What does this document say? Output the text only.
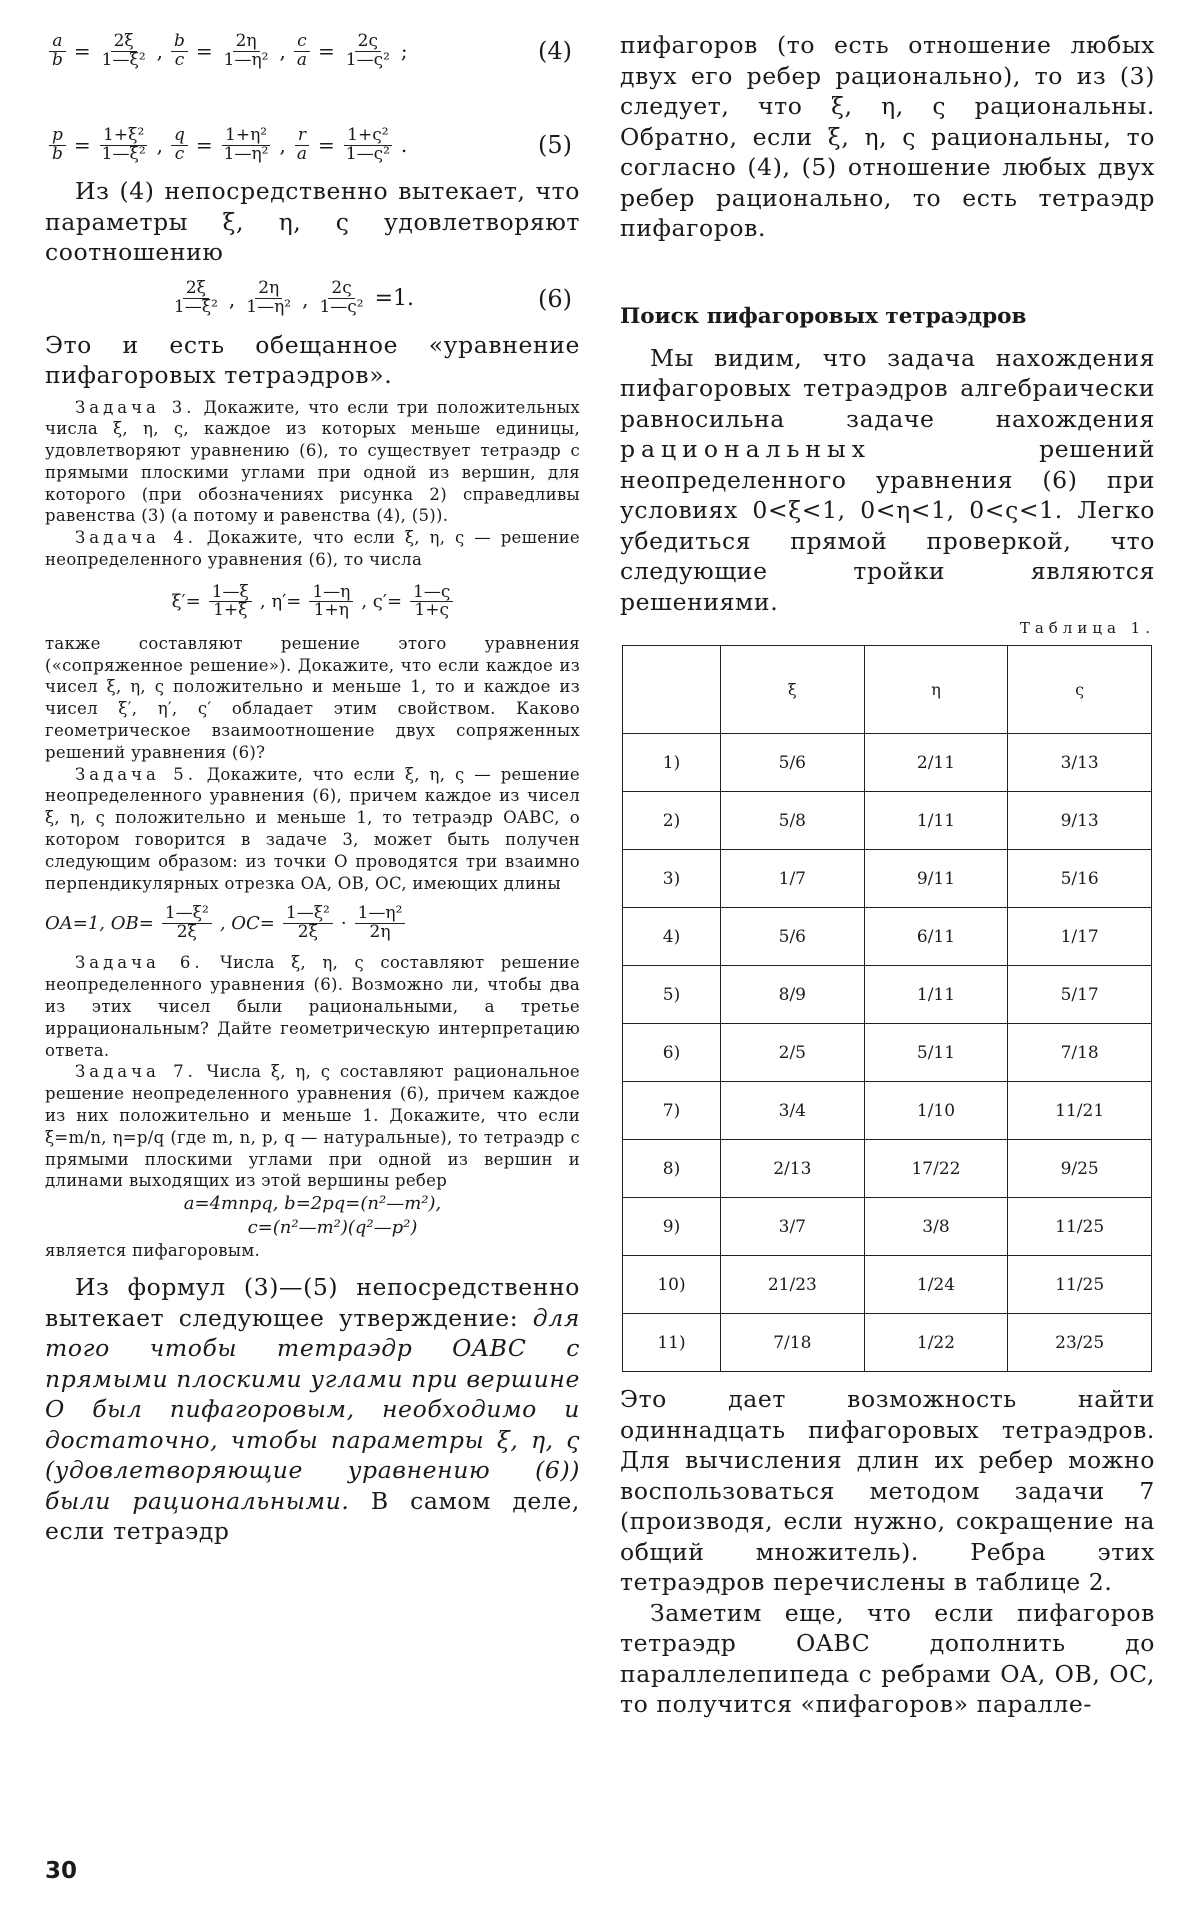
$\frac{a}{b} = \frac{2\xi}{\text{1—ξ²}}$ , $\frac{b}{c} = \frac{2\eta}{\text{1—η²}}$ , $\frac{c}{a} = \frac{2\varsigma}{\text{1—ς²}}$ ;	(4)
$\frac{p}{b} = \frac{\text{1+ξ²}}{\text{1—ξ²}}$ , $\frac{q}{c} = \frac{\text{1+η²}}{\text{1—η²}}$ , $\frac{r}{a} = \frac{\text{1+ς²}}{\text{1—ς²}}$ .	(5)

Из (4) непосредственно вытекает, что параметры ξ, η, ς удовлетворяют соотношению

$\frac{2\xi}{\text{1—ξ²}}$ , $\frac{2\eta}{\text{1—η²}}$ , $\frac{2\varsigma}{\text{1—ς²}} =1$.	(6)

Это и есть обещанное «уравнение пифагоровых тетраэдров».

Задача 3. Докажите, что если три положительных числа ξ, η, ς, каждое из которых меньше единицы, удовлетворяют уравнению (6), то существует тетраэдр с прямыми плоскими углами при одной из вершин, для которого (при обозначениях рисунка 2) справедливы равенства (3) (а потому и равенства (4), (5)).

Задача 4. Докажите, что если ξ, η, ς — решение неопределенного уравнения (6), то числа

$\xi'= \frac{1—\xi}{1+\xi}$ , $\eta'= \frac{1—\eta}{1+\eta}$ , $\varsigma'= \frac{1—\varsigma}{1+\varsigma}$

также составляют решение этого уравнения («сопряженное решение»). Докажите, что если каждое из чисел ξ, η, ς положительно и меньше 1, то и каждое из чисел ξ′, η′, ς′ обладает этим свойством. Каково геометрическое взаимоотношение двух сопряженных решений уравнения (6)?

Задача 5. Докажите, что если ξ, η, ς — решение неопределенного уравнения (6), причем каждое из чисел ξ, η, ς положительно и меньше 1, то тетраэдр OABC, о котором говорится в задаче 3, может быть получен следующим образом: из точки O проводятся три взаимно перпендикулярных отрезка OA, OB, OC, имеющих длины

OA=1, $OB= \frac{\text{1—ξ²}}{2\xi}$ , $OC= \frac{\text{1—ξ²}}{2\xi} \cdot \frac{\text{1—η²}}{2\eta}$

Задача 6. Числа ξ, η, ς составляют решение неопределенного уравнения (6). Возможно ли, чтобы два из этих чисел были рациональными, а третье иррациональным? Дайте геометрическую интерпретацию ответа.

Задача 7. Числа ξ, η, ς составляют рациональное решение неопределенного уравнения (6), причем каждое из них положительно и меньше 1. Докажите, что если ξ=m/n, η=p/q (где m, n, p, q — натуральные), то тетраэдр с прямыми плоскими углами при одной из вершин и длинами выходящих из этой вершины ребер

a=4mnpq, b=2pq=(n²—m²),
c=(n²—m²)(q²—p²)

является пифагоровым.

Из формул (3)—(5) непосредственно вытекает следующее утверждение: для того чтобы тетраэдр OABC с прямыми плоскими углами при вершине O был пифагоровым, необходимо и достаточно, чтобы параметры ξ, η, ς (удовлетворяющие уравнению (6)) были рациональными. В самом деле, если тетраэдр

пифагоров (то есть отношение любых двух его ребер рационально), то из (3) следует, что ξ, η, ς рациональны. Обратно, если ξ, η, ς рациональны, то согласно (4), (5) отношение любых двух ребер рационально, то есть тетраэдр пифагоров.

Поиск пифагоровых тетраэдров

Мы видим, что задача нахождения пифагоровых тетраэдров алгебраически равносильна задаче нахождения рациональных	решений неопределенного уравнения (6) при условиях 0<ξ<1, 0<η<1, 0<ς<1. Легко убедиться прямой проверкой, что следующие тройки являются решениями.

Таблица 1.
	ξ	η	ς
1)	5/6	2/11	3/13
2)	5/8	1/11	9/13
3)	1/7	9/11	5/16
4)	5/6	6/11	1/17
5)	8/9	1/11	5/17
6)	2/5	5/11	7/18
7)	3/4	1/10	11/21
8)	2/13	17/22	9/25
9)	3/7	3/8	11/25
10)	21/23	1/24	11/25
11)	7/18	1/22	23/25

Это дает возможность найти одиннадцать пифагоровых тетраэдров. Для вычисления длин их ребер можно воспользоваться методом задачи 7 (производя, если нужно, сокращение на общий множитель). Ребра этих тетраэдров перечислены в таблице 2.

Заметим еще, что если пифагоров тетраэдр OABC дополнить до параллелепипеда с ребрами OA, OB, OC, то получится «пифагоров» паралле-

30
